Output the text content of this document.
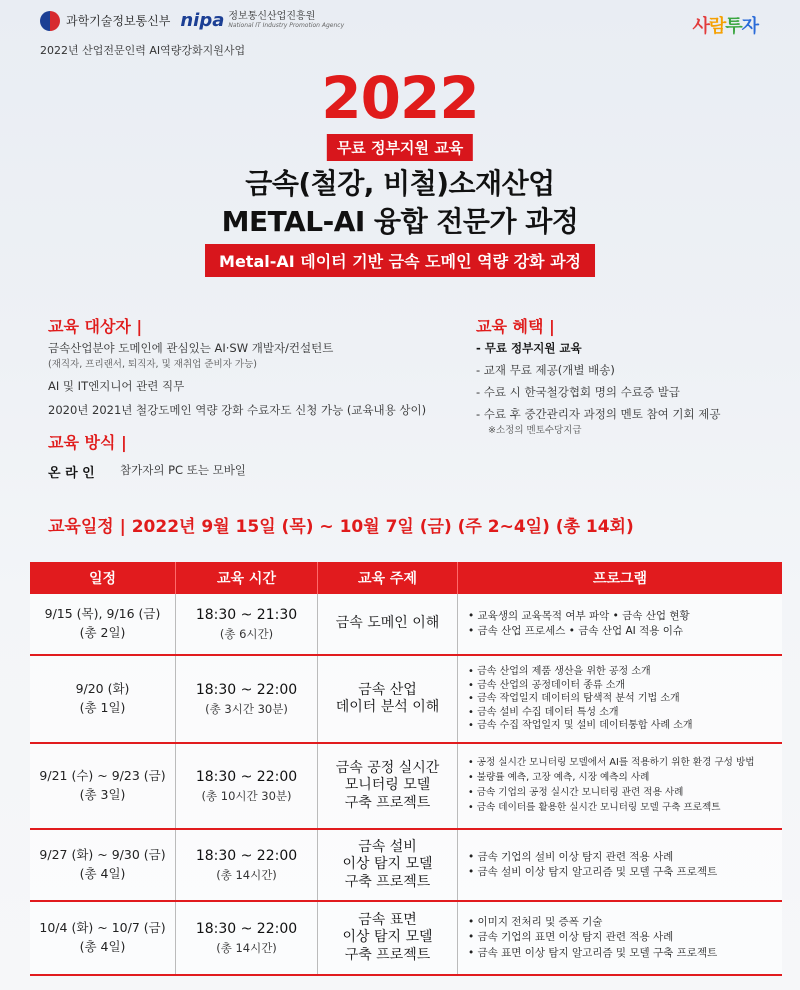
과학기술정보통신부 nipa 정보통신산업진흥원
National IT Industry Promotion Agency
2022년 산업전문인력 AI역량강화지원사업
사람투자
2022
무료 정부지원 교육
금속(철강, 비철)소재산업
METAL-AI 융합 전문가 과정
Metal-AI 데이터 기반 금속 도메인 역량 강화 과정
교육 대상자 |
금속산업분야 도메인에 관심있는 AI·SW 개발자/컨설턴트
(재직자, 프리랜서, 퇴직자, 및 재취업 준비자 가능)
AI 및 IT엔지니어 관련 직무
2020년 2021년 철강도메인 역량 강화 수료자도 신청 가능 (교육내용 상이)
교육 방식 |
온 라 인 참가자의 PC 또는 모바일
교육 혜택 |
- 무료 정부지원 교육
- 교재 무료 제공(개별 배송)
- 수료 시 한국철강협회 명의 수료증 발급
- 수료 후 중간관리자 과정의 멘토 참여 기회 제공
※소정의 멘토수당지급
교육일정 | 2022년 9월 15일 (목) ~ 10월 7일 (금) (주 2~4일) (총 14회)
일정	교육 시간	교육 주제	프로그램
9/15 (목), 9/16 (금)
(총 2일)
18:30 ~ 21:30
(총 6시간)
금속 도메인 이해
•	교육생의 교육목적 여부 파악 • 금속 산업 현황
• 금속 산업 프로세스 • 금속 산업 AI 적용 이슈
9/20 (화)
(총 1일)
18:30 ~ 22:00
(총 3시간 30분)
금속 산업
데이터 분석 이해
• 금속 산업의 제품 생산을 위한 공정 소개
• 금속 산업의 공정데이터 종류 소개
• 금속 작업일지 데이터의 탐색적 분석 기법 소개
• 금속 설비 수집 데이터 특성 소개
• 금속 수집 작업일지 및 설비 데이터통합 사례 소개
9/21 (수) ~ 9/23 (금)
(총 3일)
18:30 ~ 22:00
(총 10시간 30분)
금속 공정 실시간
모니터링 모델
구축 프로젝트
• 공정 실시간 모니터링 모델에서 AI를 적용하기 위한 환경 구성 방법
• 불량률 예측, 고장 예측, 시장 예측의 사례
• 금속 기업의 공정 실시간 모니터링 관련 적용 사례
• 금속 데이터를 활용한 실시간 모니터링 모델 구축 프로젝트
9/27 (화) ~ 9/30 (금)
(총 4일)
18:30 ~ 22:00
(총 14시간)
금속 설비
이상 탐지 모델
구축 프로젝트
• 금속 기업의 설비 이상 탐지 관련 적용 사례
• 금속 설비 이상 탐지 알고리즘 및 모델 구축 프로젝트
10/4 (화) ~ 10/7 (금)
(총 4일)
18:30 ~ 22:00
(총 14시간)
금속 표면
이상 탐지 모델
구축 프로젝트
• 이미지 전처리 및 증폭 기술
• 금속 기업의 표면 이상 탐지 관련 적용 사례
• 금속 표면 이상 탐지 알고리즘 및 모델 구축 프로젝트
